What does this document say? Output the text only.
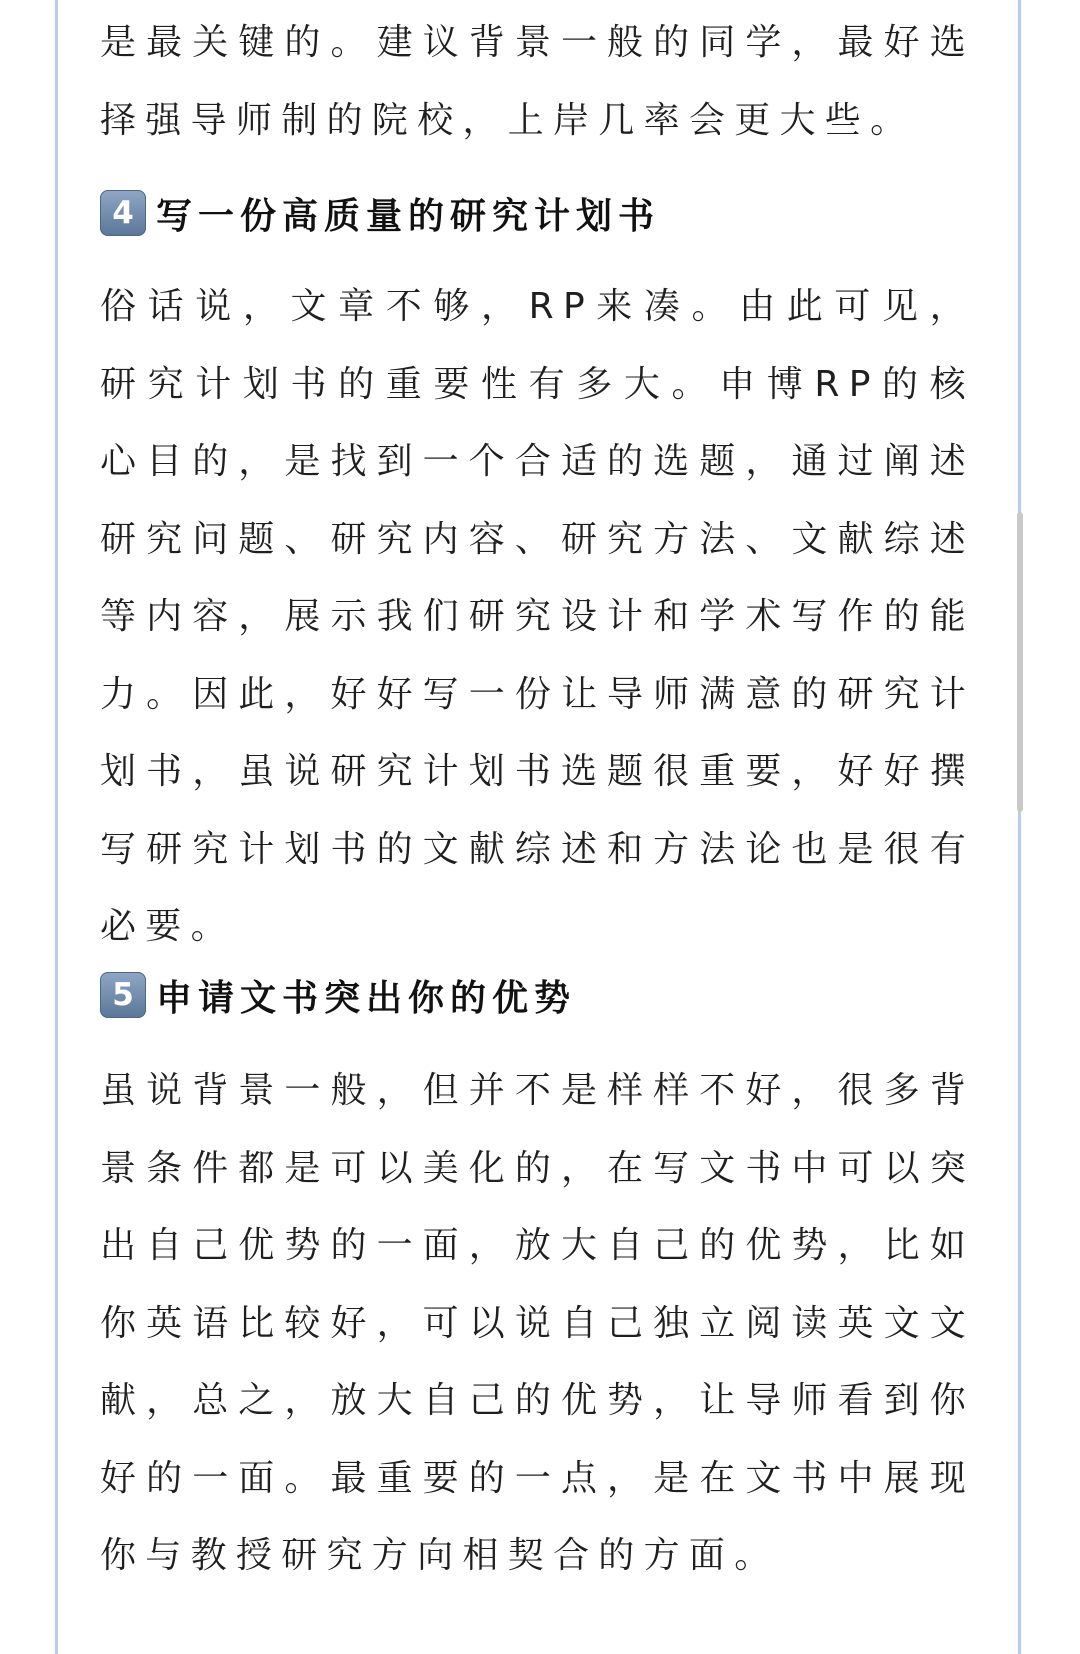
是最关键的。建议背景一般的同学，最好选择强导师制的院校，上岸几率会更大些。

4 写一份高质量的研究计划书

俗话说，文章不够，RP来凑。由此可见，研究计划书的重要性有多大。申博RP的核心目的，是找到一个合适的选题，通过阐述研究问题、研究内容、研究方法、文献综述等内容，展示我们研究设计和学术写作的能力。因此，好好写一份让导师满意的研究计划书，虽说研究计划书选题很重要，好好撰写研究计划书的文献综述和方法论也是很有必要。

5 申请文书突出你的优势

虽说背景一般，但并不是样样不好，很多背景条件都是可以美化的，在写文书中可以突出自己优势的一面，放大自己的优势，比如你英语比较好，可以说自己独立阅读英文文献，总之，放大自己的优势，让导师看到你好的一面。最重要的一点，是在文书中展现你与教授研究方向相契合的方面。
